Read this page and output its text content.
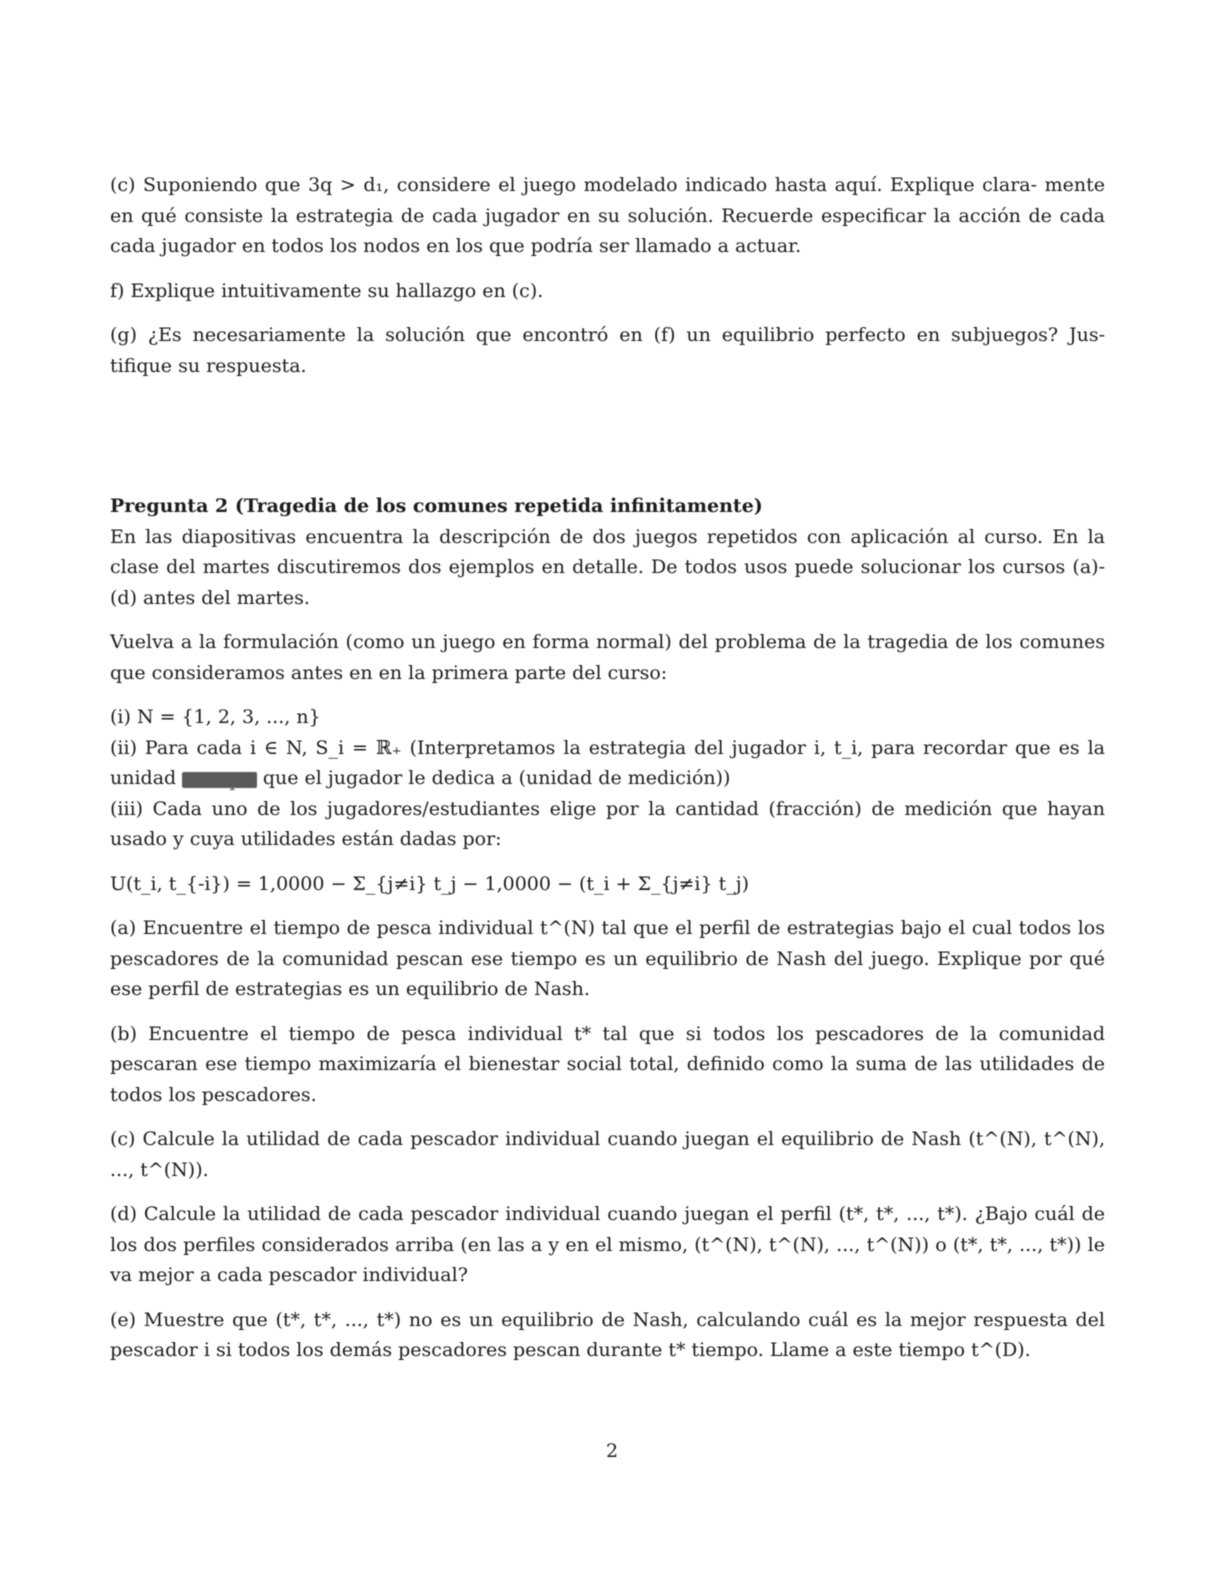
(c) Suponiendo que 3q > d₁, considere el juego modelado indicado hasta aquí. Explique clara- mente en qué consiste la estrategia de cada jugador en su solución. Recuerde especificar la acción de cada cada jugador en todos los nodos en los que podría ser llamado a actuar.

f) Explique intuitivamente su hallazgo en (c).

(g) ¿Es necesariamente la solución que encontró en (f) un equilibrio perfecto en subjuegos? Jus- tifique su respuesta.

Pregunta 2 (Tragedia de los comunes repetida infinitamente)

En las diapositivas encuentra la descripción de dos juegos repetidos con aplicación al curso. En la clase del martes discutiremos dos ejemplos en detalle. De todos usos puede solucionar los cursos (a)-(d) antes del martes.

Vuelva a la formulación (como un juego en forma normal) del problema de la tragedia de los comunes que consideramos antes en en la primera parte del curso:

(i) N = {1, 2, 3, ..., n}

(ii) Para cada i ∈ N, S_i = ℝ₊ (Interpretamos la estrategia del jugador i, t_i, para recordar que es la unidad tiempo que el jugador le dedica a (unidad de medición))

(iii) Cada uno de los jugadores/estudiantes elige por la cantidad (fracción) de medición que hayan usado y cuya utilidades están dadas por:

U(t_i, t_{-i}) = 1,0000 − Σ_{j≠i} t_j − 1,0000 − (t_i + Σ_{j≠i} t_j)

(a) Encuentre el tiempo de pesca individual t^(N) tal que el perfil de estrategias bajo el cual todos los pescadores de la comunidad pescan ese tiempo es un equilibrio de Nash del juego. Explique por qué ese perfil de estrategias es un equilibrio de Nash.

(b) Encuentre el tiempo de pesca individual t* tal que si todos los pescadores de la comunidad pescaran ese tiempo maximizaría el bienestar social total, definido como la suma de las utilidades de todos los pescadores.

(c) Calcule la utilidad de cada pescador individual cuando juegan el equilibrio de Nash (t^(N), t^(N), ..., t^(N)).

(d) Calcule la utilidad de cada pescador individual cuando juegan el perfil (t*, t*, ..., t*). ¿Bajo cuál de los dos perfiles considerados arriba (en las a y en el mismo, (t^(N), t^(N), ..., t^(N)) o (t*, t*, ..., t*)) le va mejor a cada pescador individual?

(e) Muestre que (t*, t*, ..., t*) no es un equilibrio de Nash, calculando cuál es la mejor respuesta del pescador i si todos los demás pescadores pescan durante t* tiempo. Llame a este tiempo t^(D).

2
